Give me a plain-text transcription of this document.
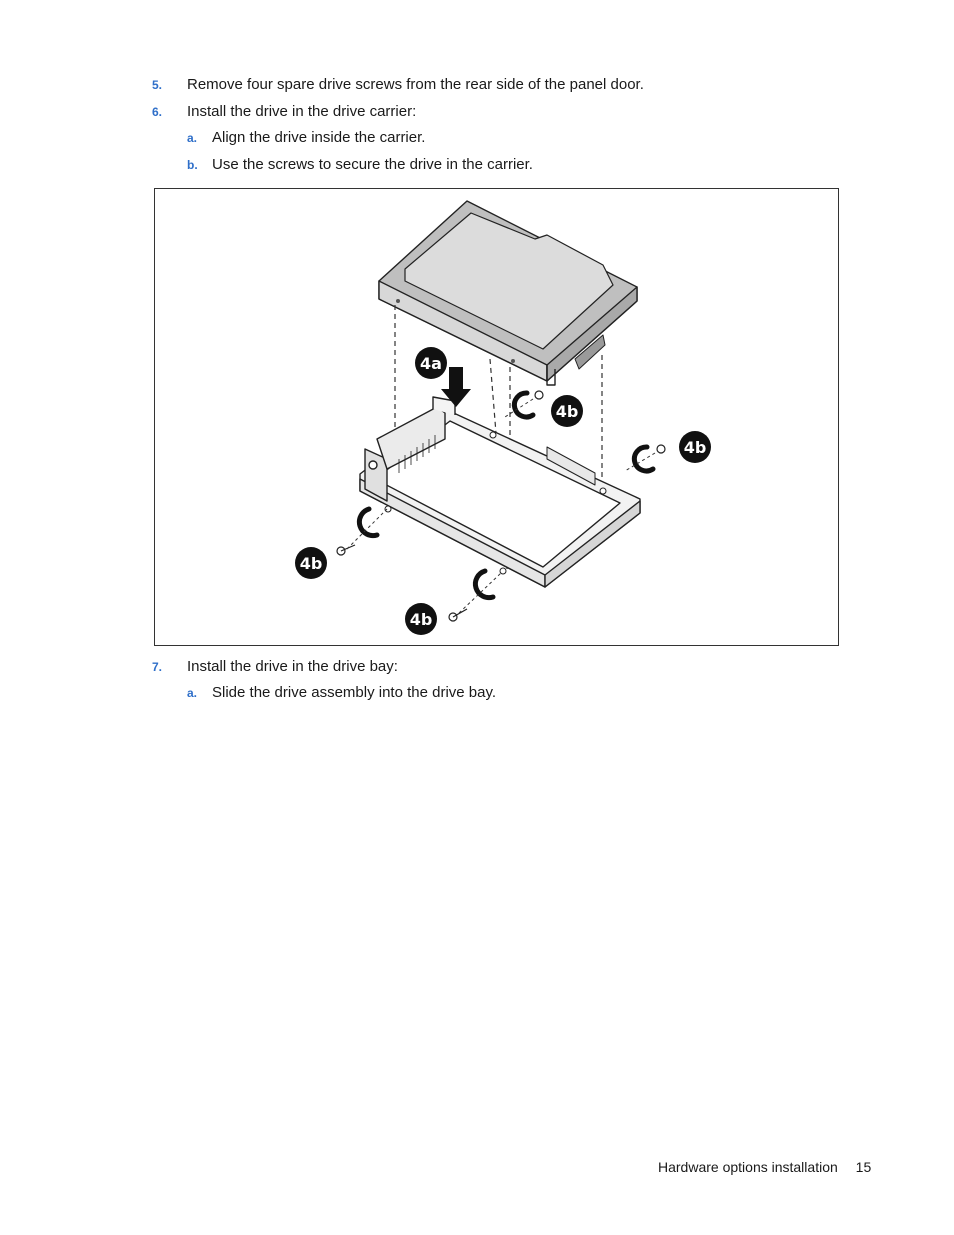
5. Remove four spare drive screws from the rear side of the panel door.
6. Install the drive in the drive carrier:
a. Align the drive inside the carrier.
b. Use the screws to secure the drive in the carrier.
4a
4b
4b
4b
4b
7. Install the drive in the drive bay:
a. Slide the drive assembly into the drive bay.
Hardware options installation 15
